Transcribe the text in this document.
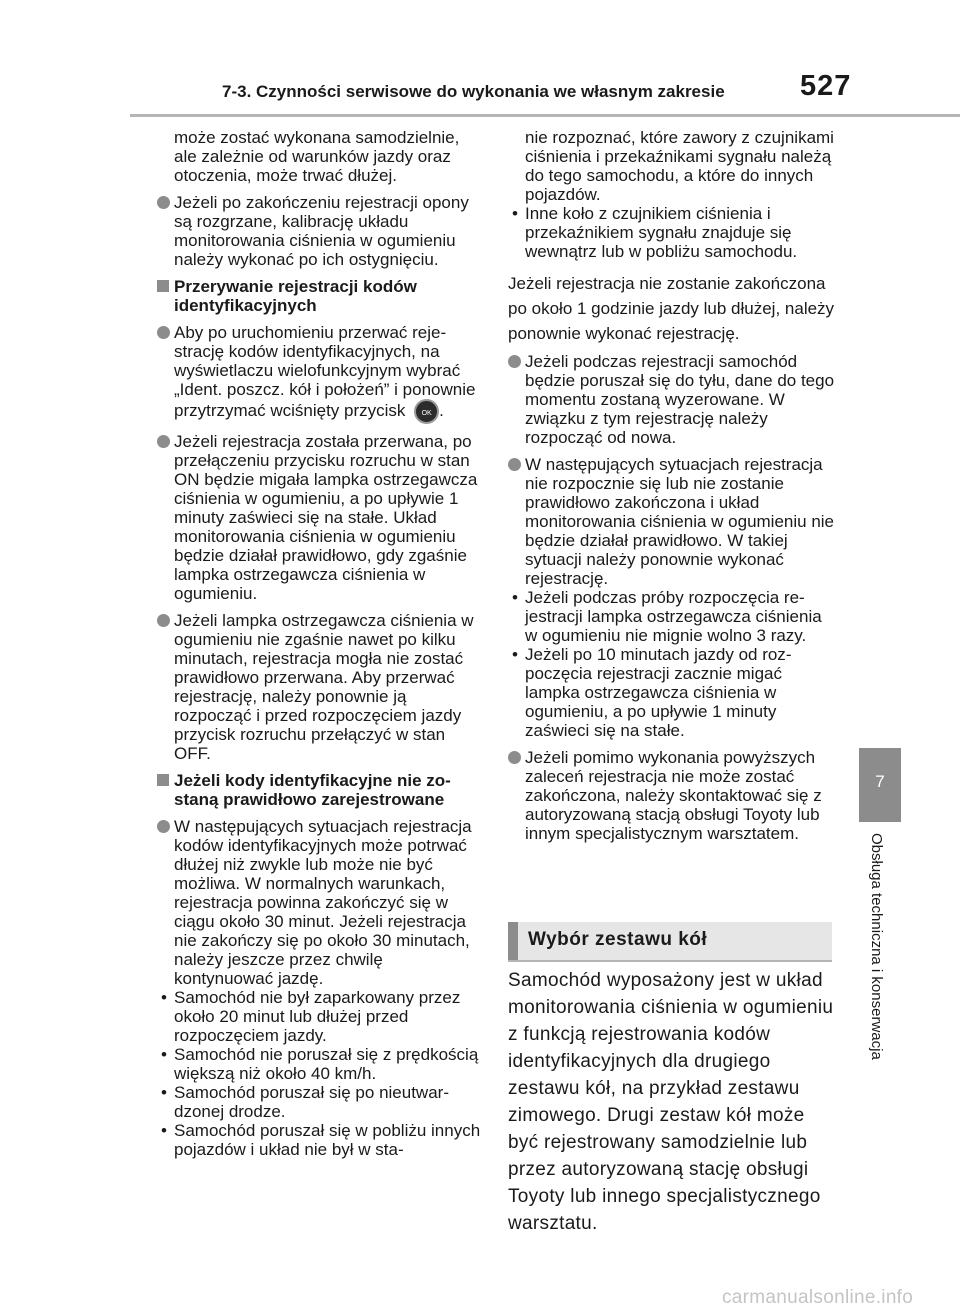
7-3. Czynności serwisowe do wykonania we własnym zakresie	527
7
Obsługa techniczna i konserwacja

może zostać wykonana samodzielnie, ale zależnie od warunków jazdy oraz otoczenia, może trwać dłużej.

Jeżeli po zakończeniu rejestracji opony są rozgrzane, kalibrację układu monitorowania ciśnienia w ogumieniu należy wykonać po ich ostygnięciu.

Przerywanie rejestracji kodów identyfikacyjnych

Aby po uruchomieniu przerwać rejestrację kodów identyfikacyjnych, na wyświetlaczu wielofunkcyjnym wybrać „Ident. poszcz. kół i położeń” i ponownie przytrzymać wciśnięty przycisk OK .

Jeżeli rejestracja została przerwana, po przełączeniu przycisku rozruchu w stan ON będzie migała lampka ostrzegawcza ciśnienia w ogumieniu, a po upływie 1 minuty zaświeci się na stałe. Układ monitorowania ciśnienia w ogumieniu będzie działał prawidłowo, gdy zgaśnie lampka ostrzegawcza ciśnienia w ogumieniu.

Jeżeli lampka ostrzegawcza ciśnienia w ogumieniu nie zgaśnie nawet po kilku minutach, rejestracja mogła nie zostać prawidłowo przerwana. Aby przerwać rejestrację, należy ponownie ją rozpocząć i przed rozpoczęciem jazdy przycisk rozruchu przełączyć w stan OFF.

Jeżeli kody identyfikacyjne nie zostaną prawidłowo zarejestrowane

W następujących sytuacjach rejestracja kodów identyfikacyjnych może potrwać dłużej niż zwykle lub może nie być możliwa. W normalnych warunkach, rejestracja powinna zakończyć się w ciągu około 30 minut. Jeżeli rejestracja nie zakończy się po około 30 minutach, należy jeszcze przez chwilę kontynuować jazdę.

• Samochód nie był zaparkowany przez około 20 minut lub dłużej przed rozpoczęciem jazdy.

• Samochód nie poruszał się z prędkością większą niż około 40 km/h.

• Samochód poruszał się po nieutwardzonej drodze.

• Samochód poruszał się w pobliżu innych pojazdów i układ nie był w sta-

nie rozpoznać, które zawory z czujnikami ciśnienia i przekaźnikami sygnału należą do tego samochodu, a które do innych pojazdów.

• Inne koło z czujnikiem ciśnienia i przekaźnikiem sygnału znajduje się wewnątrz lub w pobliżu samochodu.

Jeżeli rejestracja nie zostanie zakończona po około 1 godzinie jazdy lub dłużej, należy ponownie wykonać rejestrację.

Jeżeli podczas rejestracji samochód będzie poruszał się do tyłu, dane do tego momentu zostaną wyzerowane. W związku z tym rejestrację należy rozpocząć od nowa.

W następujących sytuacjach rejestracja nie rozpocznie się lub nie zostanie prawidłowo zakończona i układ monitorowania ciśnienia w ogumieniu nie będzie działał prawidłowo. W takiej sytuacji należy ponownie wykonać rejestrację.

• Jeżeli podczas próby rozpoczęcia rejestracji lampka ostrzegawcza ciśnienia w ogumieniu nie mignie wolno 3 razy.

• Jeżeli po 10 minutach jazdy od rozpoczęcia rejestracji zacznie migać lampka ostrzegawcza ciśnienia w ogumieniu, a po upływie 1 minuty zaświeci się na stałe.

Jeżeli pomimo wykonania powyższych zaleceń rejestracja nie może zostać zakończona, należy skontaktować się z autoryzowaną stacją obsługi Toyoty lub innym specjalistycznym warsztatem.

Wybór zestawu kół
Samochód wyposażony jest w układ monitorowania ciśnienia w ogumieniu z funkcją rejestrowania kodów identyfikacyjnych dla drugiego zestawu kół, na przykład zestawu zimowego. Drugi zestaw kół może być rejestrowany samodzielnie lub przez autoryzowaną stację obsługi Toyoty lub innego specjalistycznego warsztatu.
carmanualsonline.info
